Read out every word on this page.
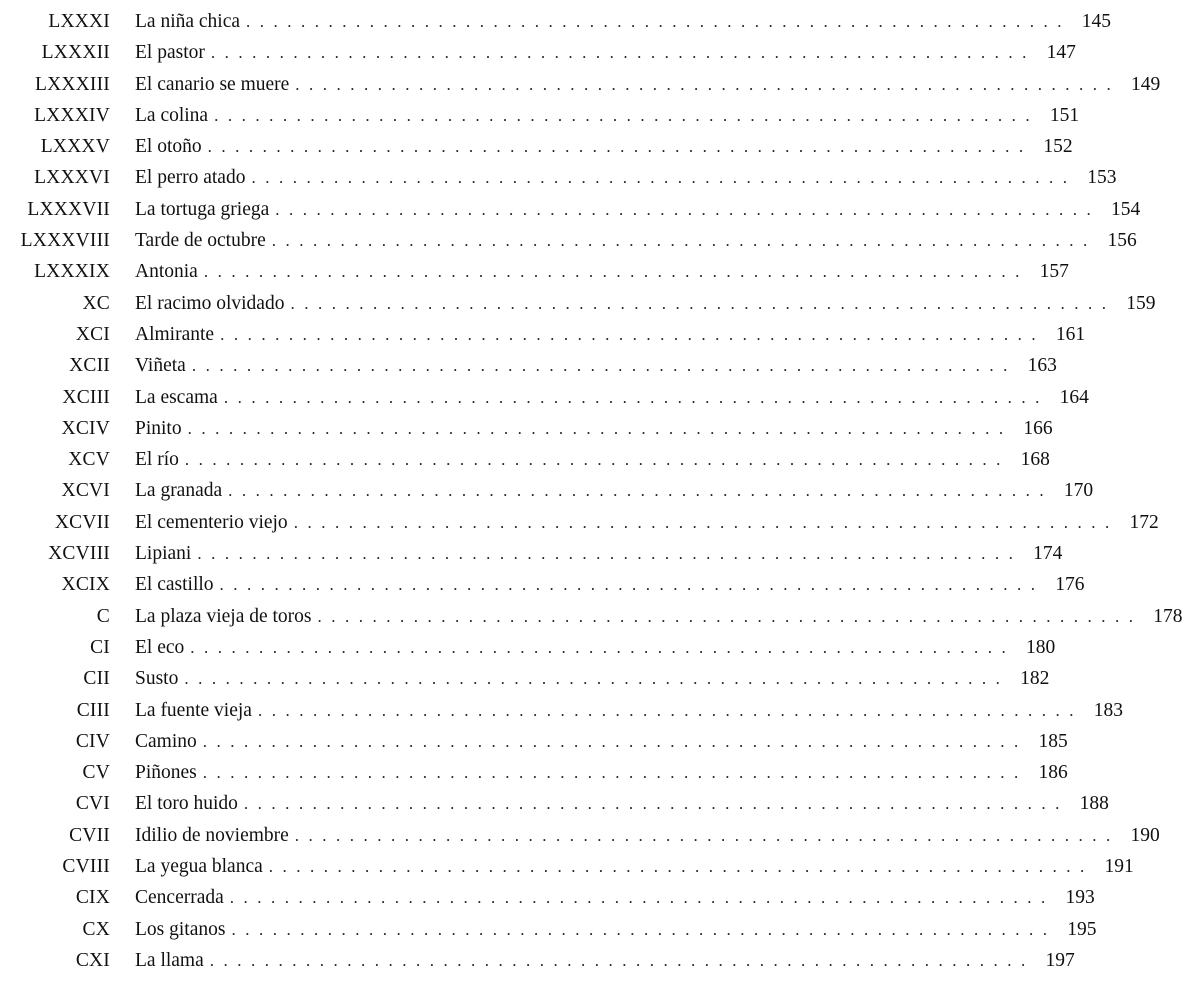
LXXXI La niña chica ............................................................ 145
LXXXII El pastor ............................................................ 147
LXXXIII El canario se muere ............................................................ 149
LXXXIV La colina ............................................................ 151
LXXXV El otoño ............................................................ 152
LXXXVI El perro atado ............................................................ 153
LXXXVII La tortuga griega ............................................................ 154
LXXXVIII Tarde de octubre ............................................................ 156
LXXXIX Antonia ............................................................ 157
XC El racimo olvidado ............................................................ 159
XCI Almirante ............................................................ 161
XCII Viñeta ............................................................ 163
XCIII La escama ............................................................ 164
XCIV Pinito ............................................................ 166
XCV El río ............................................................ 168
XCVI La granada ............................................................ 170
XCVII El cementerio viejo ............................................................ 172
XCVIII Lipiani ............................................................ 174
XCIX El castillo ............................................................ 176
C La plaza vieja de toros ............................................................ 178
CI El eco ............................................................ 180
CII Susto ............................................................ 182
CIII La fuente vieja ............................................................ 183
CIV Camino ............................................................ 185
CV Piñones ............................................................ 186
CVI El toro huido ............................................................ 188
CVII Idilio de noviembre ............................................................ 190
CVIII La yegua blanca ............................................................ 191
CIX Cencerrada ............................................................ 193
CX Los gitanos ............................................................ 195
CXI La llama ............................................................ 197
